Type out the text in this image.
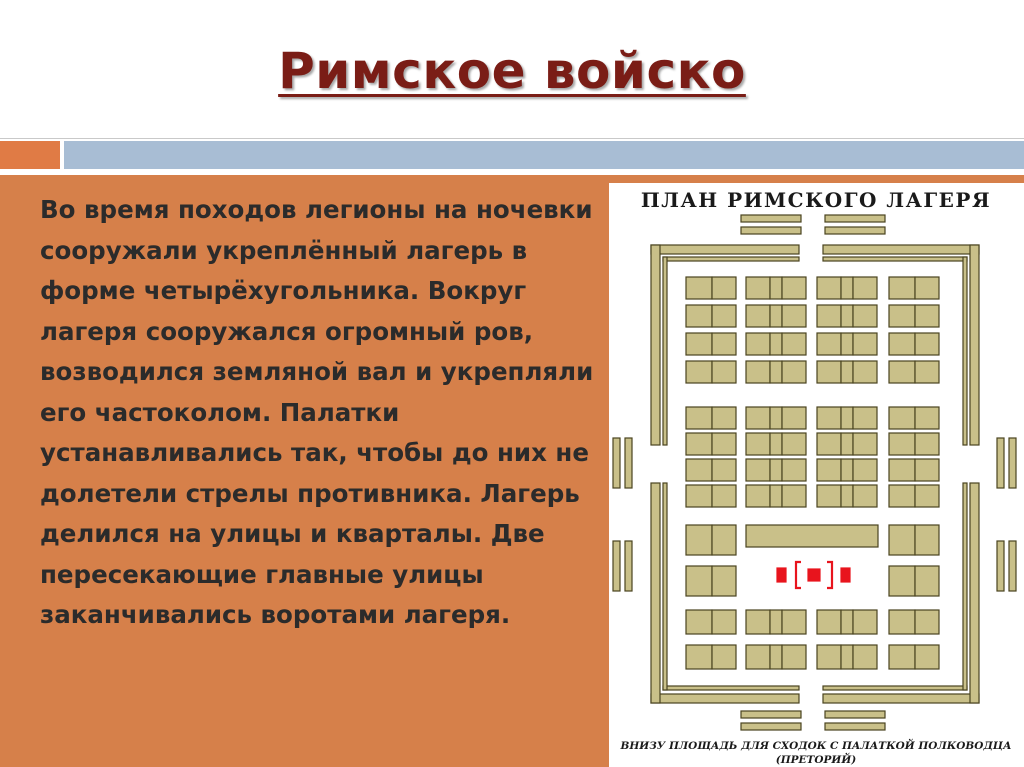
Римское войско

Во время походов легионы на ночевки сооружали укреплённый лагерь в форме четырёхугольника. Вокруг лагеря сооружался огромный ров, возводился земляной вал и укрепляли его частоколом. Палатки устанавливались так, чтобы до них не долетели стрелы противника. Лагерь делился на улицы и кварталы. Две пересекающие главные улицы заканчивались воротами лагеря.

ПЛАН РИМСКОГО ЛАГЕРЯ
ВНИЗУ ПЛОЩАДЬ ДЛЯ СХОДОК С ПАЛАТКОЙ ПОЛКОВОДЦА
(ПРЕТОРИЙ)
